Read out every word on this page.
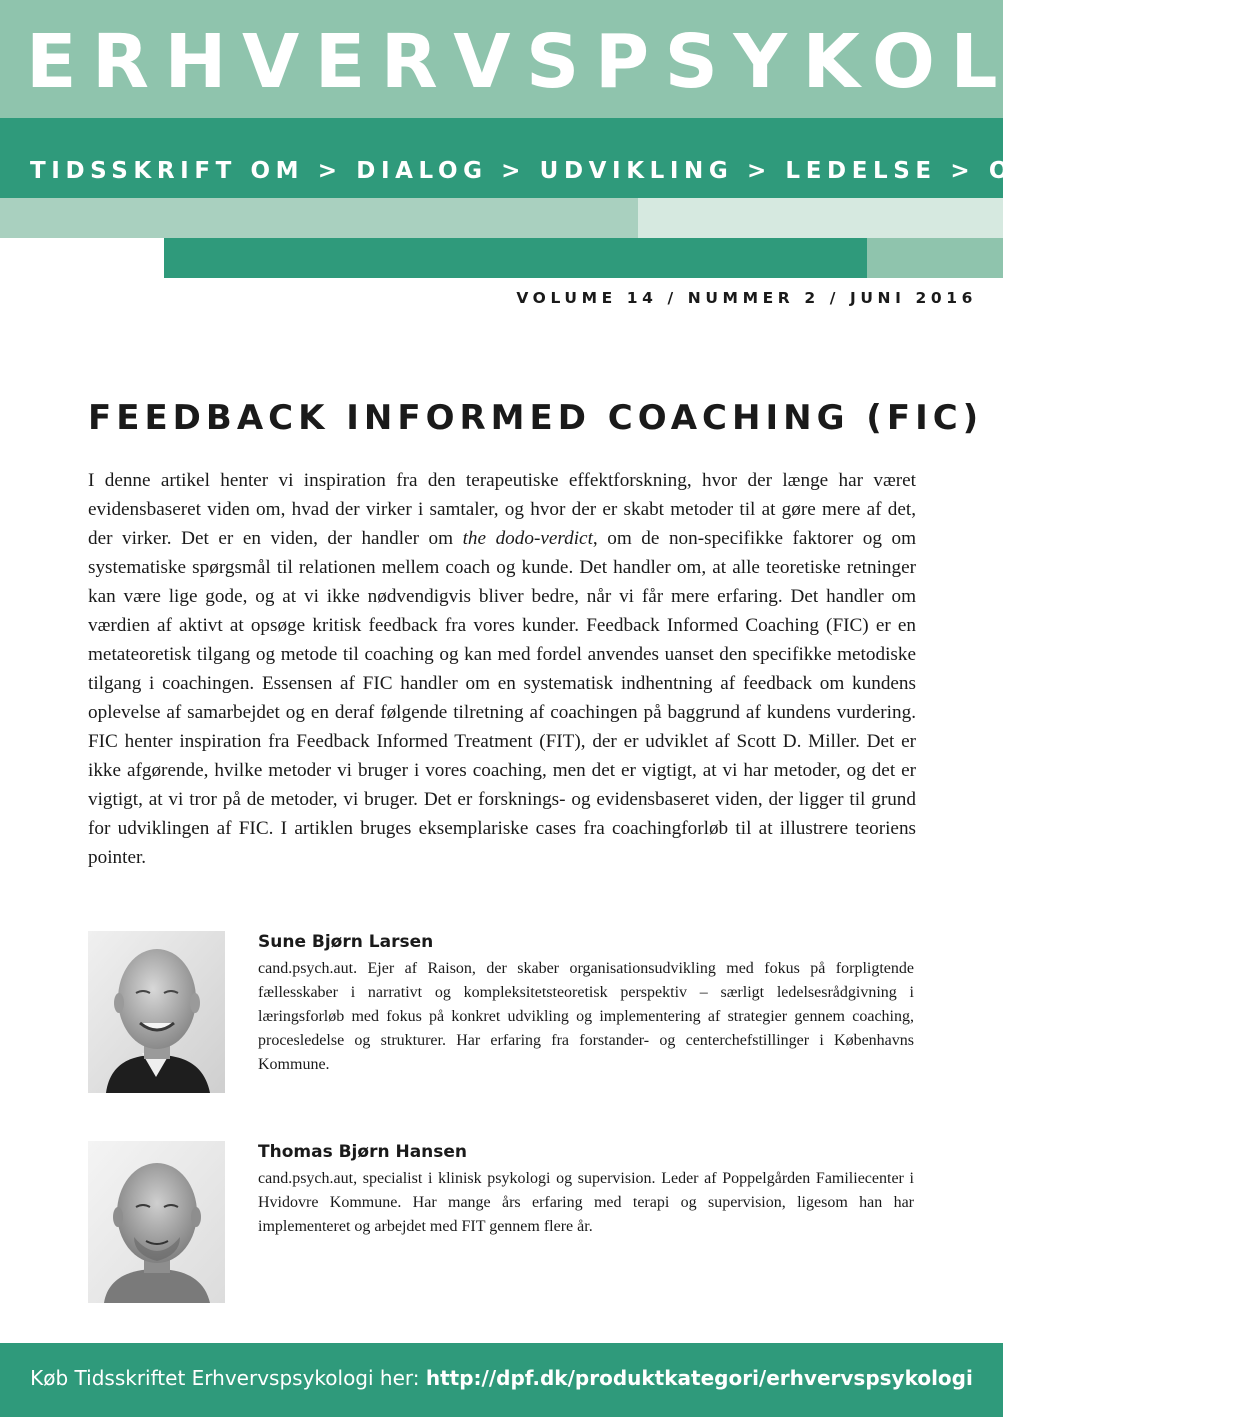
ERHVERVSPSYKOLOGI
TIDSSKRIFT OM > DIALOG > UDVIKLING > LEDELSE > ORGANISATION
VOLUME 14 / NUMMER 2 / JUNI 2016
FEEDBACK INFORMED COACHING (FIC)

I denne artikel henter vi inspiration fra den terapeutiske effektforskning, hvor der længe har været evidensbaseret viden om, hvad der virker i samtaler, og hvor der er skabt metoder til at gøre mere af det, der virker. Det er en viden, der handler om the dodo-verdict, om de non-specifikke faktorer og om systematiske spørgsmål til relationen mellem coach og kunde. Det handler om, at alle teoretiske retninger kan være lige gode, og at vi ikke nødvendigvis bliver bedre, når vi får mere erfaring. Det handler om værdien af aktivt at opsøge kritisk feedback fra vores kunder. Feedback Informed Coaching (FIC) er en metateoretisk tilgang og metode til coaching og kan med fordel anvendes uanset den specifikke metodiske tilgang i coachingen. Essensen af FIC handler om en systematisk indhentning af feedback om kundens oplevelse af samarbejdet og en deraf følgende tilretning af coachingen på baggrund af kundens vurdering. FIC henter inspiration fra Feedback Informed Treatment (FIT), der er udviklet af Scott D. Miller. Det er ikke afgørende, hvilke metoder vi bruger i vores coaching, men det er vigtigt, at vi har metoder, og det er vigtigt, at vi tror på de metoder, vi bruger. Det er forsknings- og evidensbaseret viden, der ligger til grund for udviklingen af FIC. I artiklen bruges eksemplariske cases fra coachingforløb til at illustrere teoriens pointer.

Sune Bjørn Larsen

cand.psych.aut. Ejer af Raison, der skaber organisationsudvikling med fokus på forpligtende fællesskaber i narrativt og kompleksitetsteoretisk perspektiv – særligt ledelsesrådgivning i læringsforløb med fokus på konkret udvikling og implementering af strategier gennem coaching, procesledelse og strukturer. Har erfaring fra forstander- og centerchefstillinger i Københavns Kommune.

Thomas Bjørn Hansen

cand.psych.aut, specialist i klinisk psykologi og supervision. Leder af Poppelgården Familiecenter i Hvidovre Kommune. Har mange års erfaring med terapi og supervision, ligesom han har implementeret og arbejdet med FIT gennem flere år.

Køb Tidsskriftet Erhvervspsykologi her: http://dpf.dk/produktkategori/erhvervspsykologi
